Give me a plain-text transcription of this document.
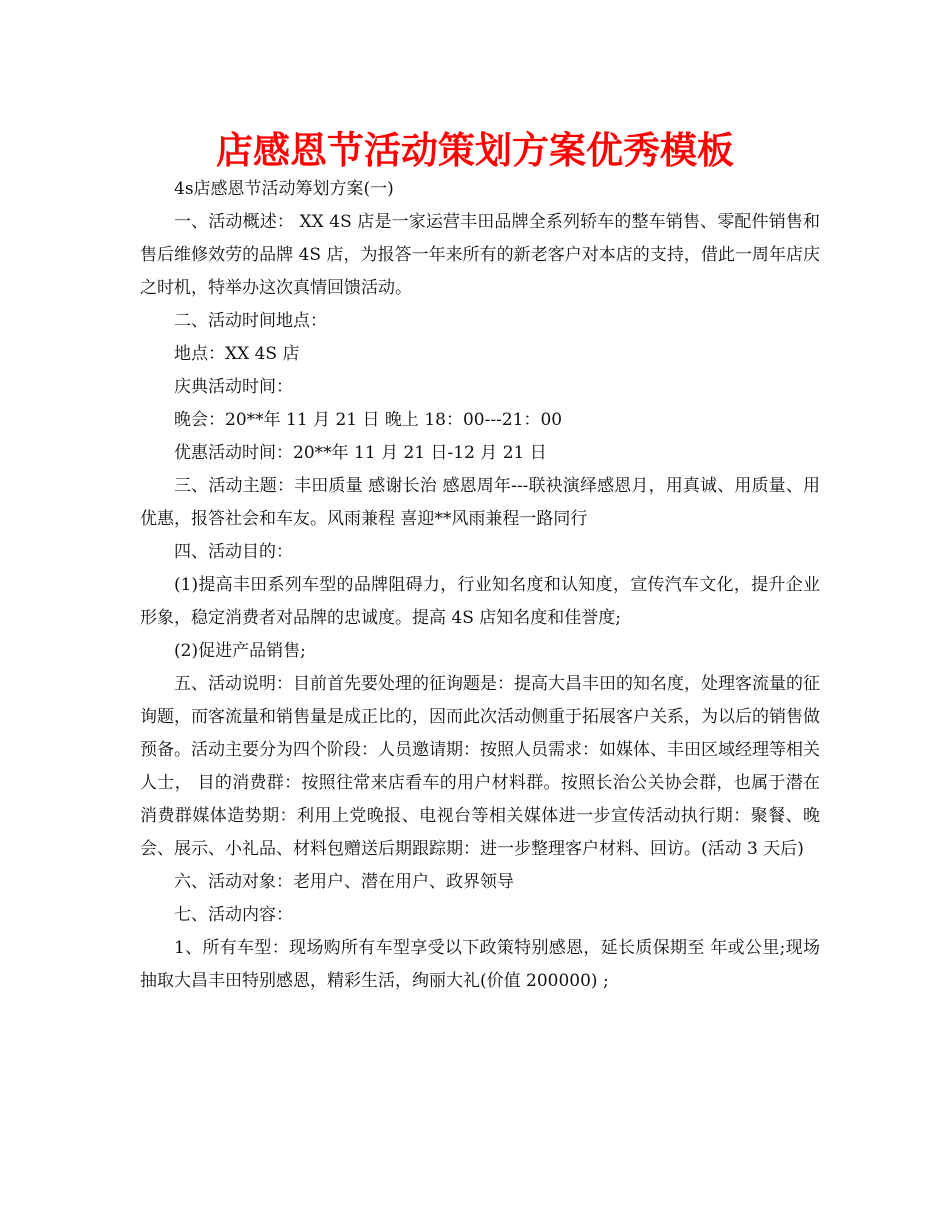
店感恩节活动策划方案优秀模板

4s店感恩节活动筹划方案(一)

一、活动概述： XX 4S 店是一家运营丰田品牌全系列轿车的整车销售、零配件销售和售后维修效劳的品牌 4S 店，为报答一年来所有的新老客户对本店的支持，借此一周年店庆之时机，特举办这次真情回馈活动。

二、活动时间地点：

地点：XX 4S 店

庆典活动时间：

晚会：20**年 11 月 21 日 晚上 18：00---21：00

优惠活动时间：20**年 11 月 21 日-12 月 21 日

三、活动主题：丰田质量 感谢长治 感恩周年---联袂演绎感恩月，用真诚、用质量、用优惠，报答社会和车友。风雨兼程 喜迎**风雨兼程一路同行

四、活动目的：

(1)提高丰田系列车型的品牌阻碍力，行业知名度和认知度，宣传汽车文化，提升企业形象，稳定消费者对品牌的忠诚度。提高 4S 店知名度和佳誉度;

(2)促进产品销售;

五、活动说明：目前首先要处理的征询题是：提高大昌丰田的知名度，处理客流量的征询题，而客流量和销售量是成正比的，因而此次活动侧重于拓展客户关系，为以后的销售做预备。活动主要分为四个阶段：人员邀请期：按照人员需求：如媒体、丰田区域经理等相关人士， 目的消费群：按照往常来店看车的用户材料群。按照长治公关协会群，也属于潜在消费群媒体造势期：利用上党晚报、电视台等相关媒体进一步宣传活动执行期：聚餐、晚会、展示、小礼品、材料包赠送后期跟踪期：进一步整理客户材料、回访。(活动 3 天后)

六、活动对象：老用户、潜在用户、政界领导

七、活动内容：

1、所有车型：现场购所有车型享受以下政策特别感恩，延长质保期至 年或公里;现场抽取大昌丰田特别感恩，精彩生活，绚丽大礼(价值 200000) ;
